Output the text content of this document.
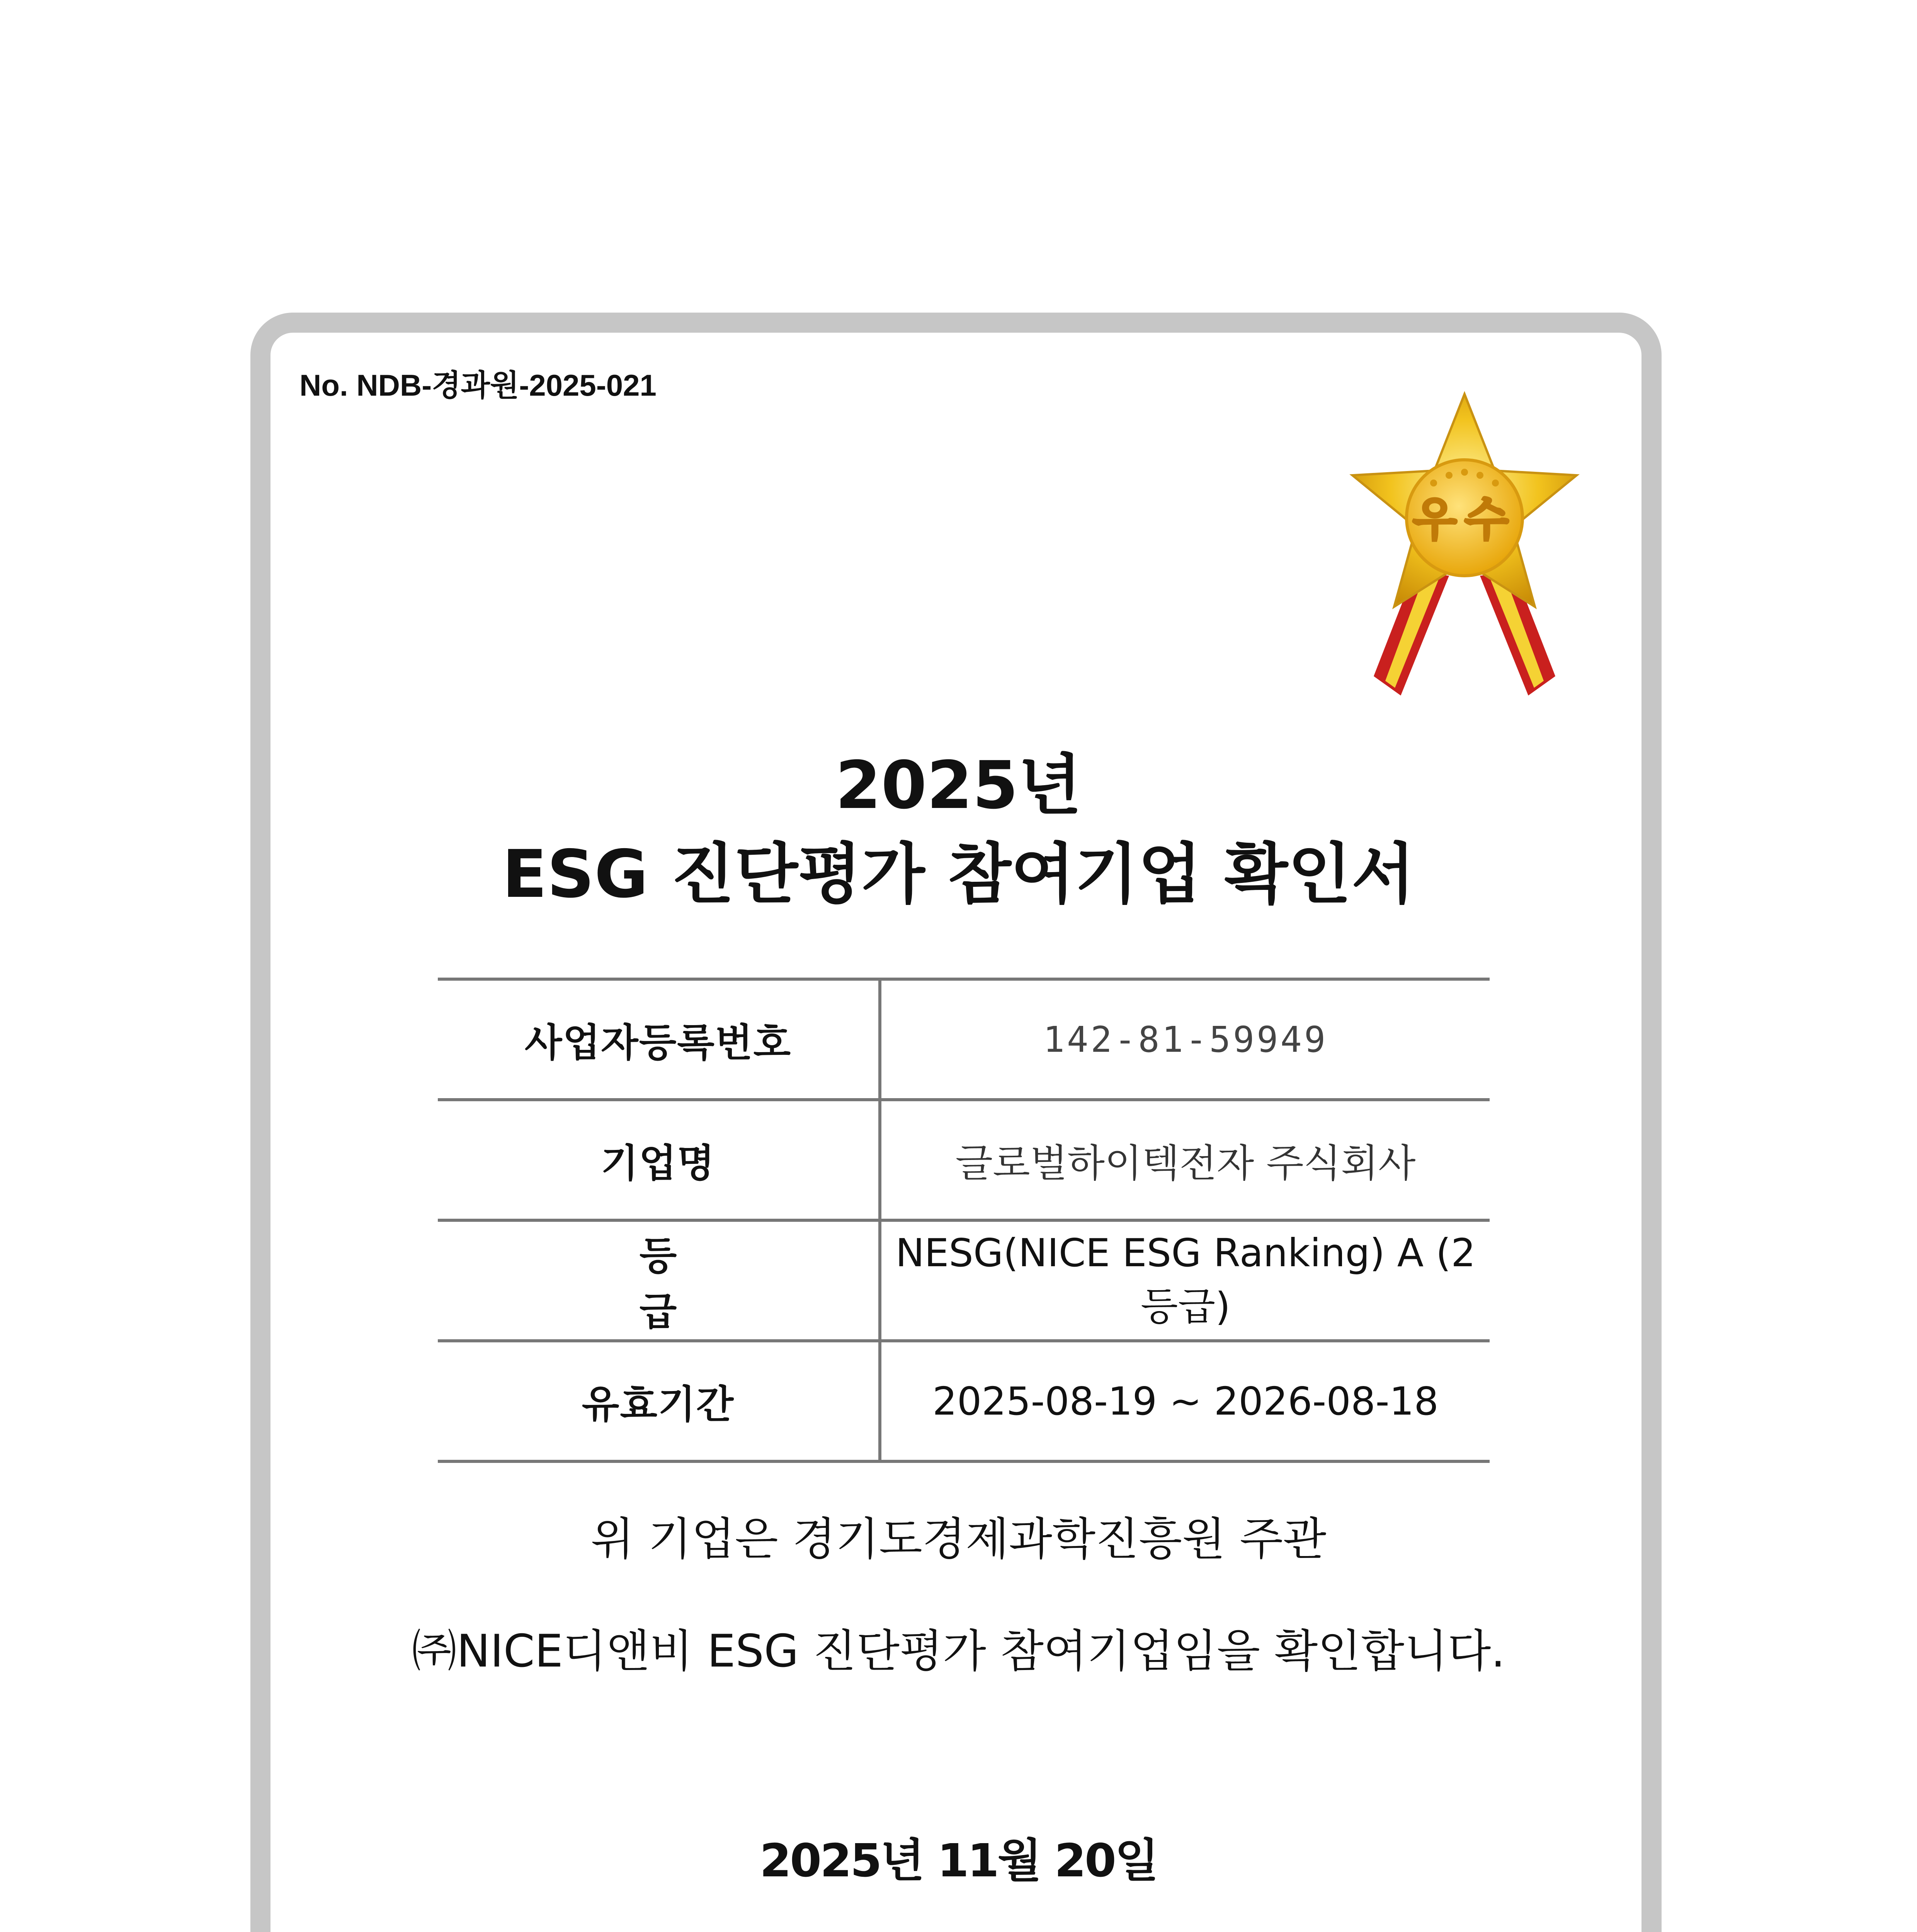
No. NDB-경과원-2025-021
우수
2025년
ESG 진단평가 참여기업 확인서
사업자등록번호	142-81-59949
기업명	글로벌하이텍전자 주식회사
등 급	NESG(NICE ESG Ranking) A (2등급)
유효기간	2025-08-19 ~ 2026-08-18
위 기업은 경기도경제과학진흥원 주관
㈜NICE디앤비 ESG 진단평가 참여기업임을 확인합니다.
2025년 11월 20일
